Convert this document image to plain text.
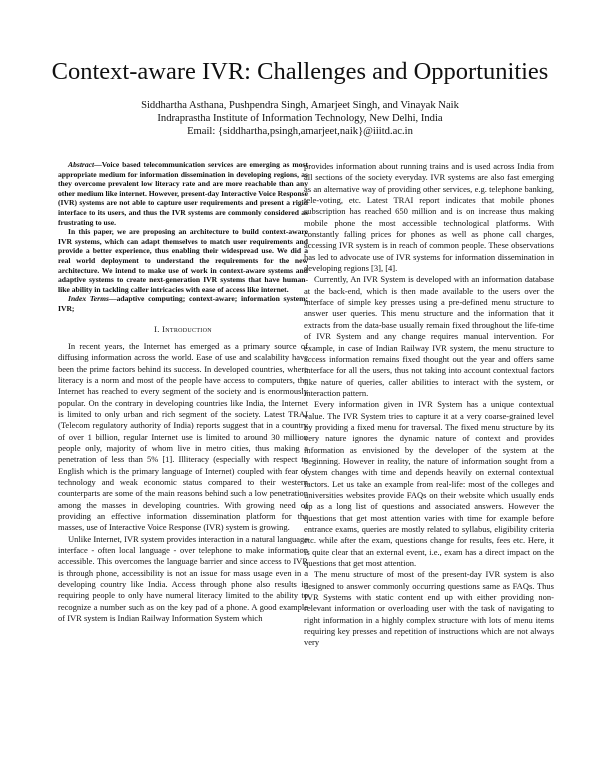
Context-aware IVR: Challenges and Opportunities
Siddhartha Asthana, Pushpendra Singh, Amarjeet Singh, and Vinayak Naik
Indraprastha Institute of Information Technology, New Delhi, India
Email: {siddhartha,psingh,amarjeet,naik}@iiitd.ac.in

Abstract—Voice based telecommunication services are emerging as most appropriate medium for information dissemination in developing regions, as they overcome prevalent low literacy rate and are more reachable than any other medium like internet. However, present-day Interactive Voice Response (IVR) systems are not able to capture user requirements and present a rigid interface to its users, and thus the IVR systems are commonly considered as frustrating to use.

In this paper, we are proposing an architecture to build context-aware IVR systems, which can adapt themselves to match user requirements and provide a better experience, thus enabling their widespread use. We did a real world deployment to understand the requirements for the new architecture. We intend to make use of work in context-aware systems and adaptive systems to create next-generation IVR systems that have human-like ability in tackling caller intricacies with ease of access like internet.

Index Terms—adaptive computing; context-aware; information system; IVR;

I. Introduction

In recent years, the Internet has emerged as a primary source of diffusing information across the world. Ease of use and scalability have been the prime factors behind its success. In developed countries, where literacy is a norm and most of the people have access to computers, the Internet has reached to every segment of the society and is enormously popular. On the contrary in developing countries like India, the Internet is limited to only urban and rich segment of the society. Latest TRAI (Telecom regulatory authority of India) reports suggest that in a country of over 1 billion, regular Internet use is limited to around 30 million people only, majority of whom live in metro cities, thus making a penetration of less than 5% [1]. Illiteracy (especially with respect to English which is the primary language of Internet) coupled with fear of technology and weak economic status compared to their western counterparts are some of the main reasons behind such a low penetration among the masses in developing countries. With growing need of providing an effective information dissemination platform for the masses, use of Interactive Voice Response (IVR) system is growing.

Unlike Internet, IVR system provides interaction in a natural language interface - often local language - over telephone to make information accessible. This overcomes the language barrier and since access to IVR is through phone, accessibility is not an issue for mass usage even in a developing country like India. Access through phone also results in requiring people to only have numeral literacy limited to the ability to recognize a number such as on the key pad of a phone. A good example of IVR system is Indian Railway Information System which

provides information about running trains and is used across India from all sections of the society everyday. IVR systems are also fast emerging as an alternative way of providing other services, e.g. telephone banking, tele-voting, etc. Latest TRAI report indicates that mobile phones subscription has reached 650 million and is on increase thus making mobile phone the most accessible technological platforms. With constantly falling prices for phones as well as phone call charges, accessing IVR system is in reach of common people. These observations has led to advocate use of IVR systems for information dissemination in developing regions [3], [4].

Currently, An IVR System is developed with an information database at the back-end, which is then made available to the users over the interface of simple key presses using a pre-defined menu structure to answer user queries. This menu structure and the information that it extracts from the data-base usually remain fixed throughout the life-time of IVR System and any change requires manual intervention. For example, in case of Indian Railway IVR system, the menu structure to access information remains fixed thought out the year and offers same interface for all the users, thus not taking into account contextual factors like nature of queries, caller abilities to interact with the system, or interaction pattern.

Every information given in IVR System has a unique contextual value. The IVR System tries to capture it at a very coarse-grained level by providing a fixed menu for traversal. The fixed menu structure by its very nature ignores the dynamic nature of context and provides information as envisioned by the developer of the system at the beginning. However in reality, the nature of information sought from a system changes with time and depends heavily on external contextual factors. Let us take an example from real-life: most of the colleges and universities websites provide FAQs on their website which usually ends up as a long list of questions and associated answers. However the questions that get most attention varies with time for example before entrance exams, queries are mostly related to syllabus, eligibility criteria etc. while after the exam, questions change for results, fees etc. Here, it is quite clear that an external event, i.e., exam has a direct impact on the questions that get most attention.

The menu structure of most of the present-day IVR system is also designed to answer commonly occurring questions same as FAQs. Thus IVR Systems with static content end up with either providing non-relevant information or overloading user with the task of navigating to right information in a highly complex structure with lots of menu items requiring key presses and repetition of instructions which are not always very
